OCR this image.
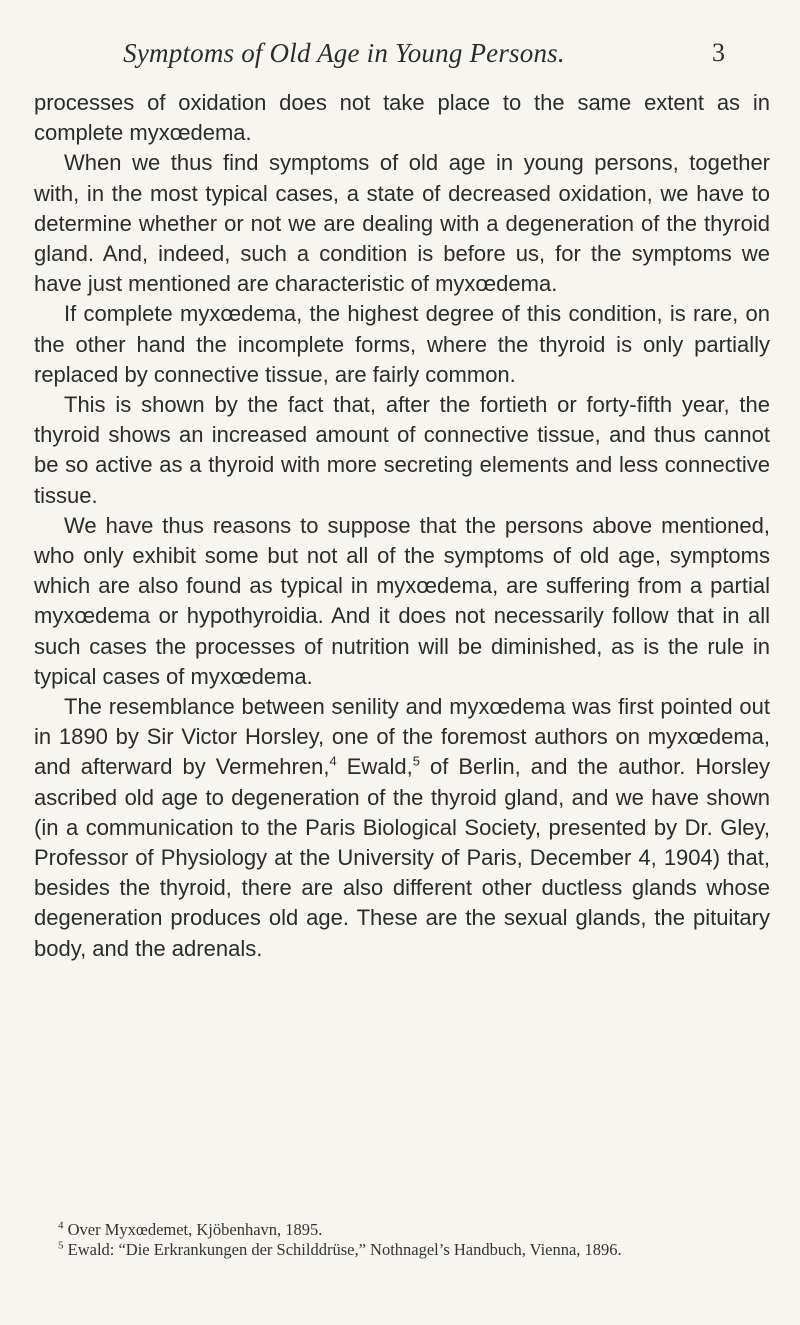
Symptoms of Old Age in Young Persons.	3

processes of oxidation does not take place to the same extent as in complete myxœdema.

When we thus find symptoms of old age in young persons, together with, in the most typical cases, a state of decreased oxidation, we have to determine whether or not we are dealing with a degeneration of the thyroid gland. And, indeed, such a condition is before us, for the symptoms we have just mentioned are characteristic of myxœdema.

If complete myxœdema, the highest degree of this condition, is rare, on the other hand the incomplete forms, where the thyroid is only partially replaced by connective tissue, are fairly common.

This is shown by the fact that, after the fortieth or forty-fifth year, the thyroid shows an increased amount of connective tissue, and thus cannot be so active as a thyroid with more secreting elements and less connective tissue.

We have thus reasons to suppose that the persons above mentioned, who only exhibit some but not all of the symptoms of old age, symptoms which are also found as typical in myxœdema, are suffering from a partial myxœdema or hypothyroidia. And it does not necessarily follow that in all such cases the processes of nutrition will be diminished, as is the rule in typical cases of myxœdema.

The resemblance between senility and myxœdema was first pointed out in 1890 by Sir Victor Horsley, one of the foremost authors on myxœdema, and afterward by Vermehren,$^4$ Ewald,$^5$ of Berlin, and the author. Horsley ascribed old age to degeneration of the thyroid gland, and we have shown (in a communication to the Paris Biological Society, presented by Dr. Gley, Professor of Physiology at the University of Paris, December 4, 1904) that, besides the thyroid, there are also different other ductless glands whose degeneration produces old age. These are the sexual glands, the pituitary body, and the adrenals.

$^4$ Over Myxœdemet, Kjöbenhavn, 1895.

$^5$ Ewald: “Die Erkrankungen der Schilddrüse,” Nothnagel’s Handbuch, Vienna, 1896.
